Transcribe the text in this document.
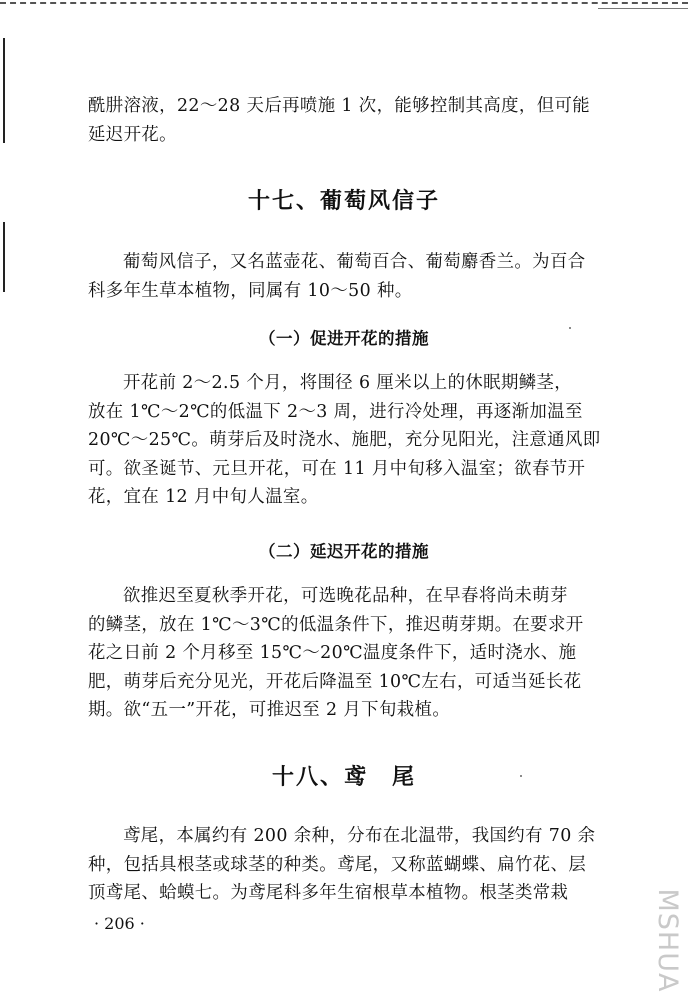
酰肼溶液，22～28 天后再喷施 1 次，能够控制其高度，但可能
延迟开花。
十七、葡萄风信子
葡萄风信子，又名蓝壶花、葡萄百合、葡萄麝香兰。为百合
科多年生草本植物，同属有 10～50 种。
（一）促进开花的措施
开花前 2～2.5 个月，将围径 6 厘米以上的休眠期鳞茎，
放在 1℃～2℃的低温下 2～3 周，进行冷处理，再逐渐加温至
20℃～25℃。萌芽后及时浇水、施肥，充分见阳光，注意通风即
可。欲圣诞节、元旦开花，可在 11 月中旬移入温室；欲春节开
花，宜在 12 月中旬人温室。
（二）延迟开花的措施
欲推迟至夏秋季开花，可选晚花品种，在早春将尚未萌芽
的鳞茎，放在 1℃～3℃的低温条件下，推迟萌芽期。在要求开
花之日前 2 个月移至 15℃～20℃温度条件下，适时浇水、施
肥，萌芽后充分见光，开花后降温至 10℃左右，可适当延长花
期。欲“五一”开花，可推迟至 2 月下旬栽植。
十八、鸢　尾
鸢尾，本属约有 200 余种，分布在北温带，我国约有 70 余
种，包括具根茎或球茎的种类。鸢尾，又称蓝蝴蝶、扁竹花、层
顶鸢尾、蛤蟆七。为鸢尾科多年生宿根草本植物。根茎类常栽
· 206 ·	MSHUA
